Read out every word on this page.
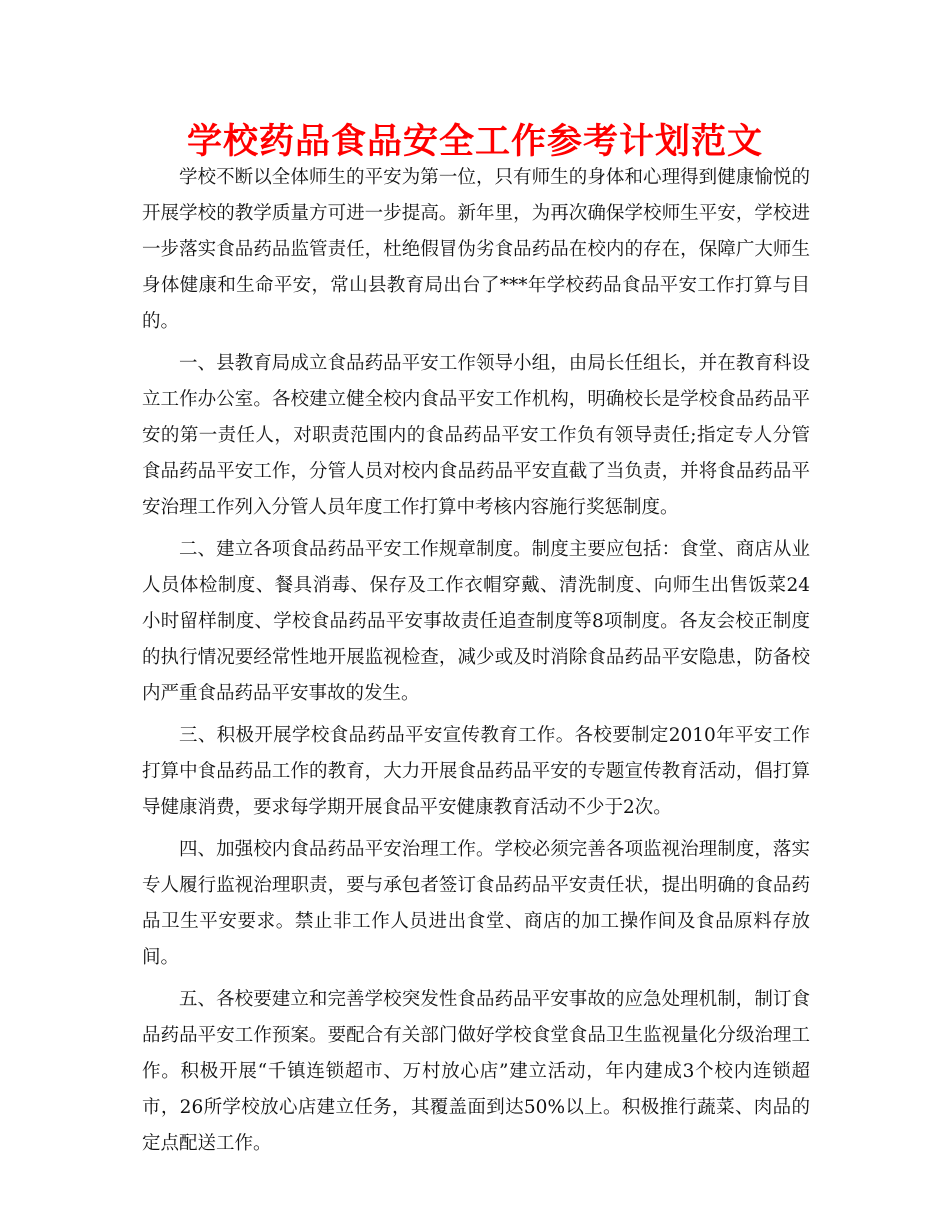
学校药品食品安全工作参考计划范文

学校不断以全体师生的平安为第一位，只有师生的身体和心理得到健康愉悦的开展学校的教学质量方可进一步提高。新年里，为再次确保学校师生平安，学校进一步落实食品药品监管责任，杜绝假冒伪劣食品药品在校内的存在，保障广大师生身体健康和生命平安，常山县教育局出台了***年学校药品食品平安工作打算与目的。

一、县教育局成立食品药品平安工作领导小组，由局长任组长，并在教育科设立工作办公室。各校建立健全校内食品平安工作机构，明确校长是学校食品药品平安的第一责任人，对职责范围内的食品药品平安工作负有领导责任;指定专人分管食品药品平安工作，分管人员对校内食品药品平安直截了当负责，并将食品药品平安治理工作列入分管人员年度工作打算中考核内容施行奖惩制度。

二、建立各项食品药品平安工作规章制度。制度主要应包括：食堂、商店从业人员体检制度、餐具消毒、保存及工作衣帽穿戴、清洗制度、向师生出售饭菜24小时留样制度、学校食品药品平安事故责任追查制度等8项制度。各友会校正制度的执行情况要经常性地开展监视检查，减少或及时消除食品药品平安隐患，防备校内严重食品药品平安事故的发生。

三、积极开展学校食品药品平安宣传教育工作。各校要制定2010年平安工作打算中食品药品工作的教育，大力开展食品药品平安的专题宣传教育活动，倡打算导健康消费，要求每学期开展食品平安健康教育活动不少于2次。

四、加强校内食品药品平安治理工作。学校必须完善各项监视治理制度，落实专人履行监视治理职责，要与承包者签订食品药品平安责任状，提出明确的食品药品卫生平安要求。禁止非工作人员进出食堂、商店的加工操作间及食品原料存放间。

五、各校要建立和完善学校突发性食品药品平安事故的应急处理机制，制订食品药品平安工作预案。要配合有关部门做好学校食堂食品卫生监视量化分级治理工作。积极开展“千镇连锁超市、万村放心店”建立活动，年内建成3个校内连锁超市，26所学校放心店建立任务，其覆盖面到达50%以上。积极推行蔬菜、肉品的定点配送工作。
